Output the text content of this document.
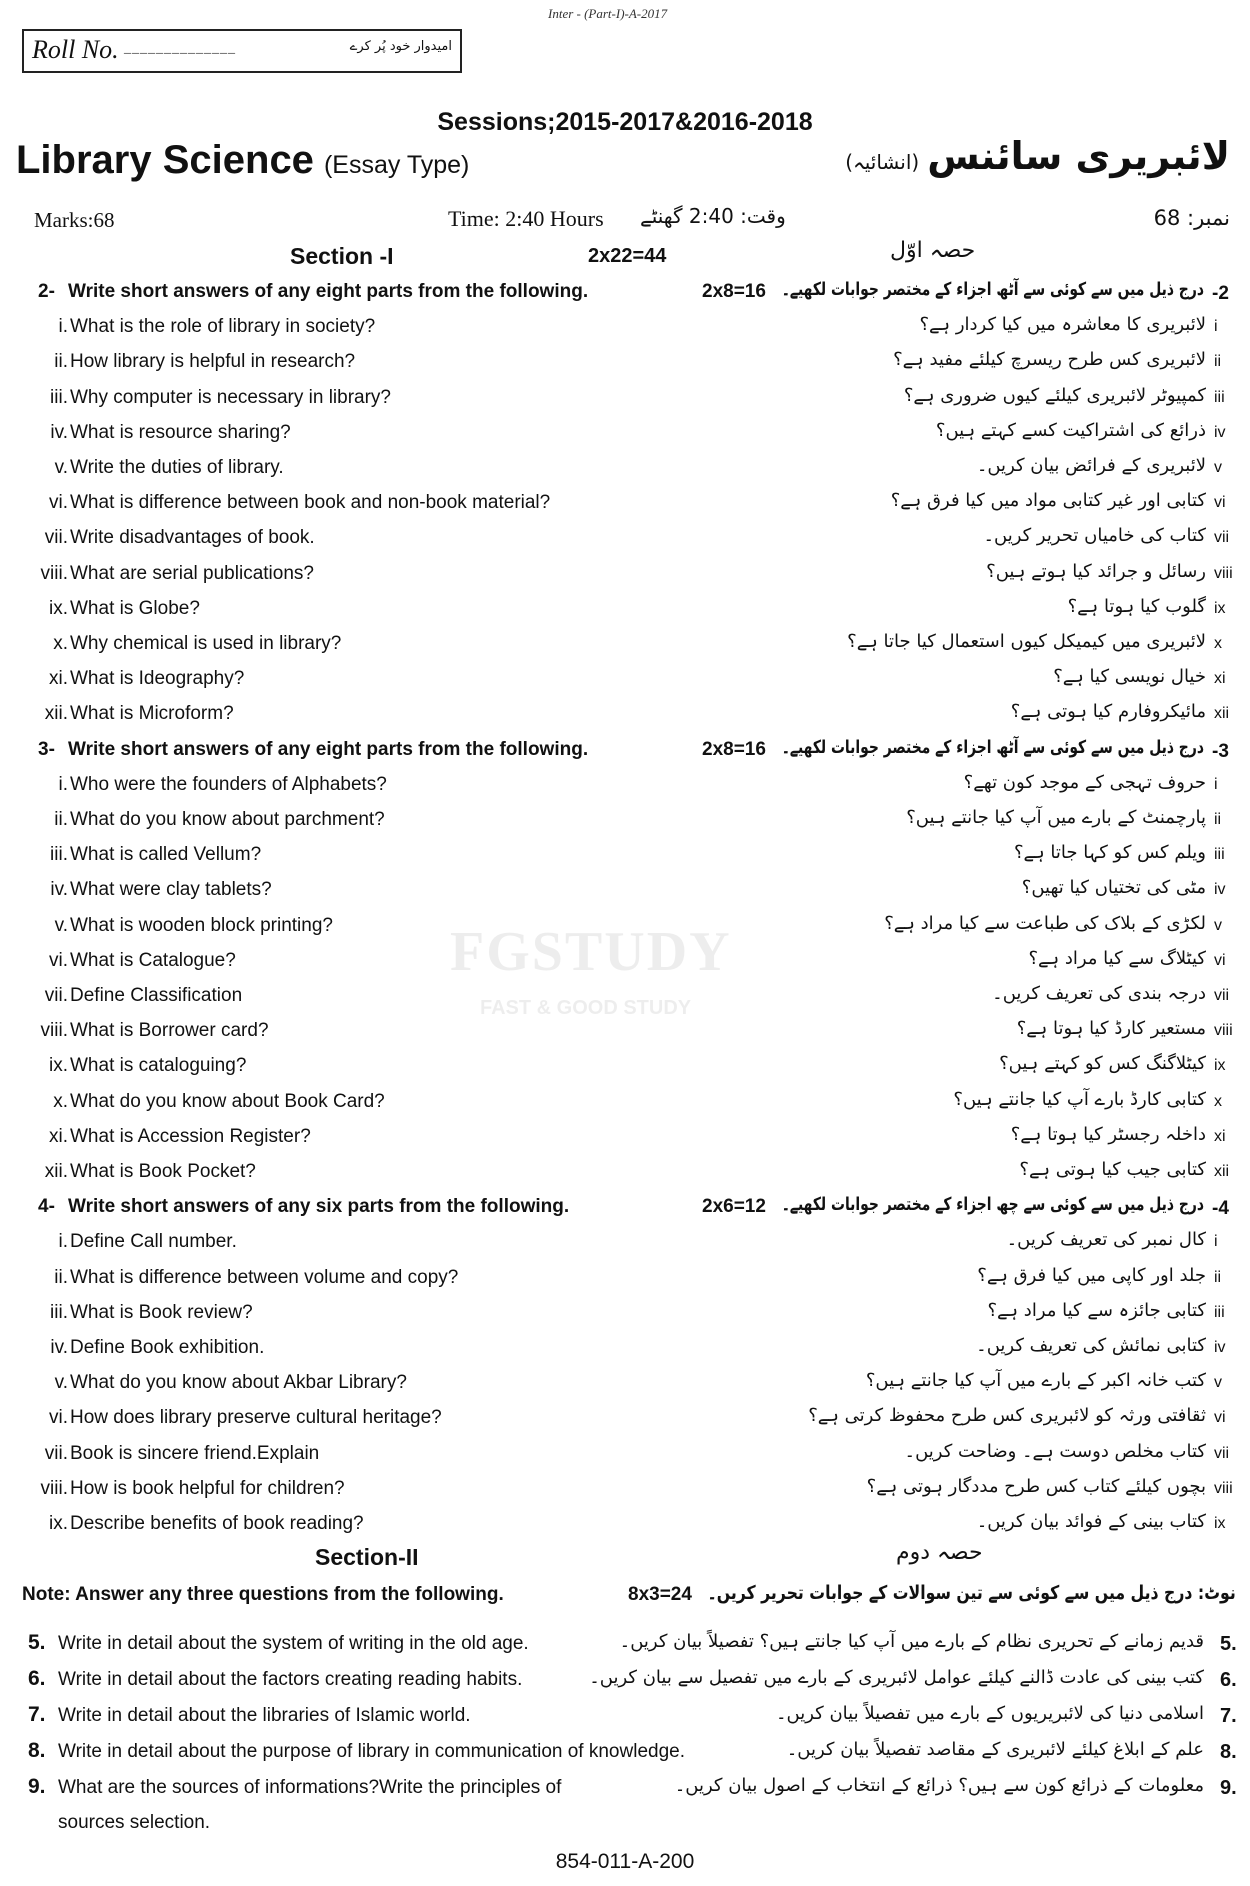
FGSTUDY
FAST & GOOD STUDY
Inter - (Part-I)-A-2017
Roll No. ______________	امیدوار خود پُر کرے
Sessions;2015-2017&2016-2018
Library Science (Essay Type)	لائبریری سائنس(انشائیہ)
Marks:68	Time: 2:40 Hours وقت: 2:40 گھنٹے	نمبر: 68
Section -I	2x22=44	حصہ اوّل
2- Write short answers of any eight parts from the following.	2x8=16 درج ذیل میں سے کوئی سے آٹھ اجزاء کے مختصر جوابات لکھیے۔ -2
i. What is the role of library in society?	لائبریری کا معاشرہ میں کیا کردار ہے؟ i
ii. How library is helpful in research?	لائبریری کس طرح ریسرچ کیلئے مفید ہے؟ ii
iii. Why computer is necessary in library?	کمپیوٹر لائبریری کیلئے کیوں ضروری ہے؟ iii
iv. What is resource sharing?	ذرائع کی اشتراکیت کسے کہتے ہیں؟ iv
v. Write the duties of library.	لائبریری کے فرائض بیان کریں۔ v
vi. What is difference between book and non-book material?	کتابی اور غیر کتابی مواد میں کیا فرق ہے؟ vi
vii. Write disadvantages of book.	کتاب کی خامیاں تحریر کریں۔ vii
viii. What are serial publications?	رسائل و جرائد کیا ہوتے ہیں؟ viii
ix. What is Globe?	گلوب کیا ہوتا ہے؟ ix
x. Why chemical is used in library?	لائبریری میں کیمیکل کیوں استعمال کیا جاتا ہے؟ x
xi. What is Ideography?	خیال نویسی کیا ہے؟ xi
xii. What is Microform?	مائیکروفارم کیا ہوتی ہے؟ xii
3- Write short answers of any eight parts from the following.	2x8=16 درج ذیل میں سے کوئی سے آٹھ اجزاء کے مختصر جوابات لکھیے۔ -3
i. Who were the founders of Alphabets?	حروف تہجی کے موجد کون تھے؟ i
ii. What do you know about parchment?	پارچمنٹ کے بارے میں آپ کیا جانتے ہیں؟ ii
iii. What is called Vellum?	ویلم کس کو کہا جاتا ہے؟ iii
iv. What were clay tablets?	مٹی کی تختیاں کیا تھیں؟ iv
v. What is wooden block printing?	لکڑی کے بلاک کی طباعت سے کیا مراد ہے؟ v
vi. What is Catalogue?	کیٹلاگ سے کیا مراد ہے؟ vi
vii. Define Classification	درجہ بندی کی تعریف کریں۔ vii
viii. What is Borrower card?	مستعیر کارڈ کیا ہوتا ہے؟ viii
ix. What is cataloguing?	کیٹلاگنگ کس کو کہتے ہیں؟ ix
x. What do you know about Book Card?	کتابی کارڈ بارے آپ کیا جانتے ہیں؟ x
xi. What is Accession Register?	داخلہ رجسٹر کیا ہوتا ہے؟ xi
xii. What is Book Pocket?	کتابی جیب کیا ہوتی ہے؟ xii
4- Write short answers of any six parts from the following.	2x6=12 درج ذیل میں سے کوئی سے چھ اجزاء کے مختصر جوابات لکھیے۔ -4
i. Define Call number.	کال نمبر کی تعریف کریں۔ i
ii. What is difference between volume and copy?	جلد اور کاپی میں کیا فرق ہے؟ ii
iii. What is Book review?	کتابی جائزہ سے کیا مراد ہے؟ iii
iv. Define Book exhibition.	کتابی نمائش کی تعریف کریں۔ iv
v. What do you know about Akbar Library?	کتب خانہ اکبر کے بارے میں آپ کیا جانتے ہیں؟ v
vi. How does library preserve cultural heritage?	ثقافتی ورثہ کو لائبریری کس طرح محفوظ کرتی ہے؟ vi
vii. Book is sincere friend.Explain	کتاب مخلص دوست ہے۔ وضاحت کریں۔ vii
viii. How is book helpful for children?	بچوں کیلئے کتاب کس طرح مددگار ہوتی ہے؟ viii
ix. Describe benefits of book reading?	کتاب بینی کے فوائد بیان کریں۔ ix
Section-II	حصہ دوم
Note: Answer any three questions from the following.	8x3=24 نوٹ: درج ذیل میں سے کوئی سے تین سوالات کے جوابات تحریر کریں۔
5. Write in detail about the system of writing in the old age.	قدیم زمانے کے تحریری نظام کے بارے میں آپ کیا جانتے ہیں؟ تفصیلاً بیان کریں۔ 5.
6. Write in detail about the factors creating reading habits.	کتب بینی کی عادت ڈالنے کیلئے عوامل لائبریری کے بارے میں تفصیل سے بیان کریں۔ 6.
7. Write in detail about the libraries of Islamic world.	اسلامی دنیا کی لائبریریوں کے بارے میں تفصیلاً بیان کریں۔ 7.
8. Write in detail about the purpose of library in communication of knowledge.	علم کے ابلاغ کیلئے لائبریری کے مقاصد تفصیلاً بیان کریں۔ 8.
9. What are the sources of informations?Write the principles of	معلومات کے ذرائع کون سے ہیں؟ ذرائع کے انتخاب کے اصول بیان کریں۔ 9.
sources selection.
854-011-A-200
